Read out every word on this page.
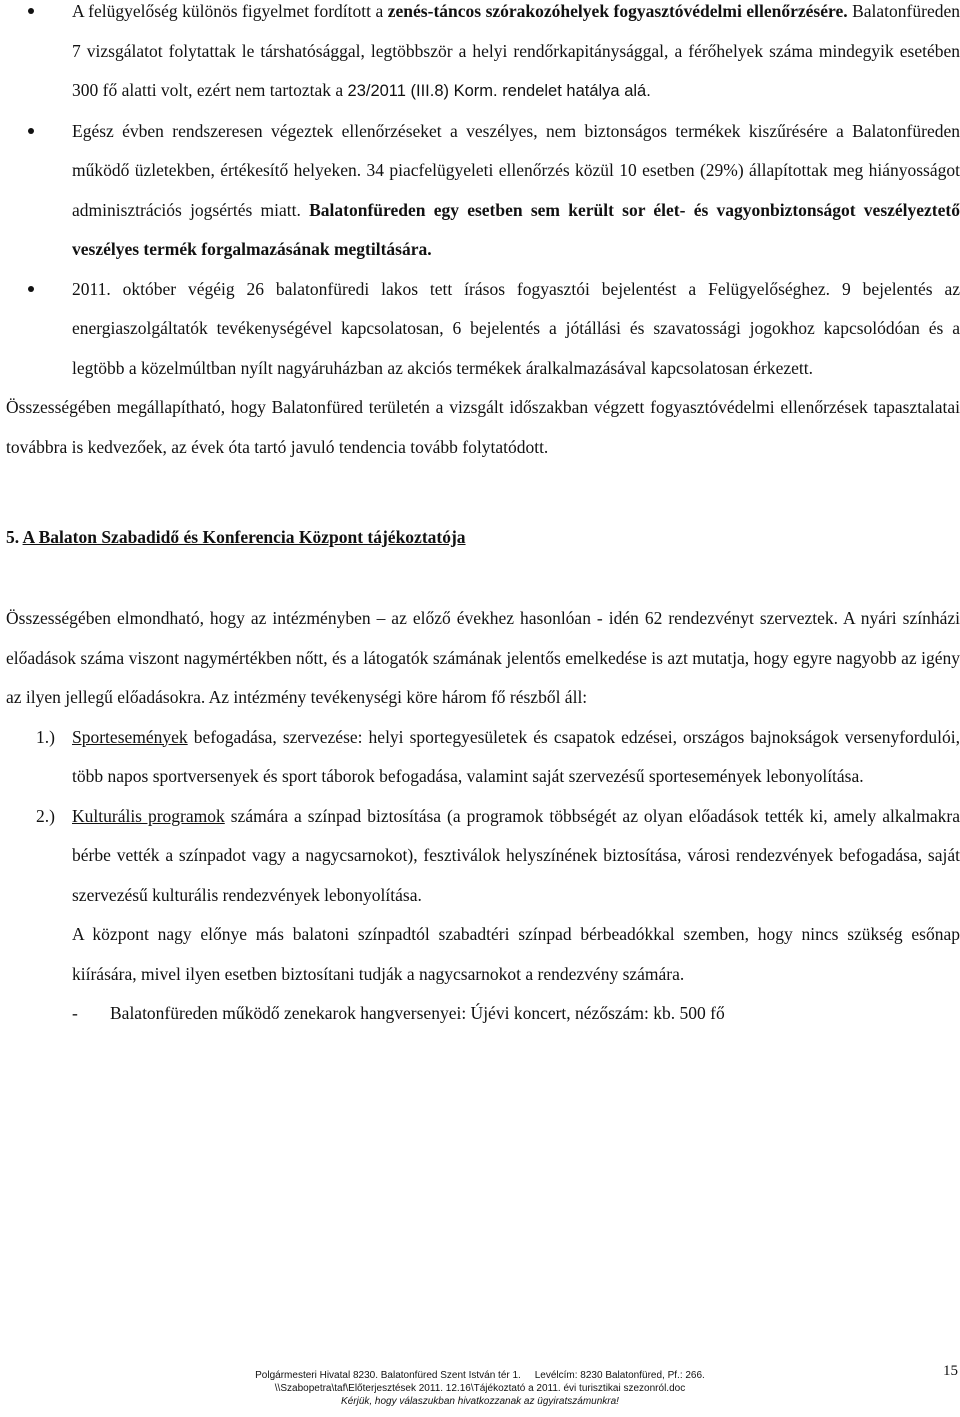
A felügyelőség különös figyelmet fordított a zenés-táncos szórakozóhelyek fogyasztóvédelmi ellenőrzésére. Balatonfüreden 7 vizsgálatot folytattak le társhatósággal, legtöbbször a helyi rendőrkapitánysággal, a férőhelyek száma mindegyik esetében 300 fő alatti volt, ezért nem tartoztak a 23/2011 (III.8) Korm. rendelet hatálya alá.
Egész évben rendszeresen végeztek ellenőrzéseket a veszélyes, nem biztonságos termékek kiszűrésére a Balatonfüreden működő üzletekben, értékesítő helyeken. 34 piacfelügyeleti ellenőrzés közül 10 esetben (29%) állapítottak meg hiányosságot adminisztrációs jogsértés miatt. Balatonfüreden egy esetben sem került sor élet- és vagyonbiztonságot veszélyeztető veszélyes termék forgalmazásának megtiltására.
2011. október végéig 26 balatonfüredi lakos tett írásos fogyasztói bejelentést a Felügyelőséghez. 9 bejelentés az energiaszolgáltatók tevékenységével kapcsolatosan, 6 bejelentés a jótállási és szavatossági jogokhoz kapcsolódóan és a legtöbb a közelmúltban nyílt nagyáruházban az akciós termékek áralkalmazásával kapcsolatosan érkezett.

Összességében megállapítható, hogy Balatonfüred területén a vizsgált időszakban végzett fogyasztóvédelmi ellenőrzések tapasztalatai továbbra is kedvezőek, az évek óta tartó javuló tendencia tovább folytatódott.

5. A Balaton Szabadidő és Konferencia Központ tájékoztatója

Összességében elmondható, hogy az intézményben – az előző évekhez hasonlóan - idén 62 rendezvényt szerveztek. A nyári színházi előadások száma viszont nagymértékben nőtt, és a látogatók számának jelentős emelkedése is azt mutatja, hogy egyre nagyobb az igény az ilyen jellegű előadásokra. Az intézmény tevékenységi köre három fő részből áll:

1.) Sportesemények befogadása, szervezése: helyi sportegyesületek és csapatok edzései, országos bajnokságok versenyfordulói, több napos sportversenyek és sport táborok befogadása, valamint saját szervezésű sportesemények lebonyolítása.
2.) Kulturális programok számára a színpad biztosítása (a programok többségét az olyan előadások tették ki, amely alkalmakra bérbe vették a színpadot vagy a nagycsarnokot), fesztiválok helyszínének biztosítása, városi rendezvények befogadása, saját szervezésű kulturális rendezvények lebonyolítása.

A központ nagy előnye más balatoni színpadtól szabadtéri színpad bérbeadókkal szemben, hogy nincs szükség esőnap kiírására, mivel ilyen esetben biztosítani tudják a nagycsarnokot a rendezvény számára.

- Balatonfüreden működő zenekarok hangversenyei: Újévi koncert, nézőszám: kb. 500 fő

Polgármesteri Hivatal 8230. Balatonfüred Szent István tér 1.     Levélcím: 8230 Balatonfüred, Pf.: 266.
\\Szabopetra\taf\Előterjesztések 2011. 12.16\Tájékoztató a 2011. évi turisztikai szezonról.doc
Kérjük, hogy válaszukban hivatkozzanak az ügyiratszámunkra!
15
